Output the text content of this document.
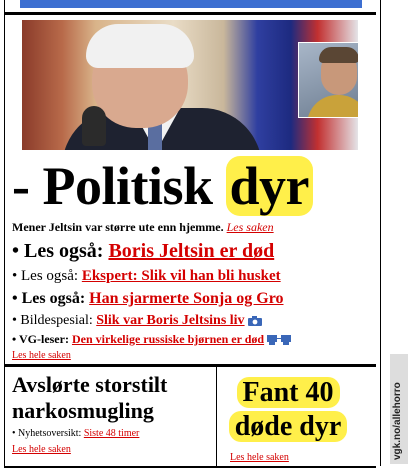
- Politisk dyr
Mener Jeltsin var større ute enn hjemme. Les saken
• Les også: Boris Jeltsin er død
• Les også: Ekspert: Slik vil han bli husket
• Les også: Han sjarmerte Sonja og Gro
• Bildespesial: Slik var Boris Jeltsins liv
• VG-leser: Den virkelige russiske bjørnen er død
Les hele saken
Avslørte storstilt
narkosmugling
• Nyhetsoversikt: Siste 48 timer
Les hele saken
Fant 40
døde dyr
Les hele saken	vgk.no/allehorro
